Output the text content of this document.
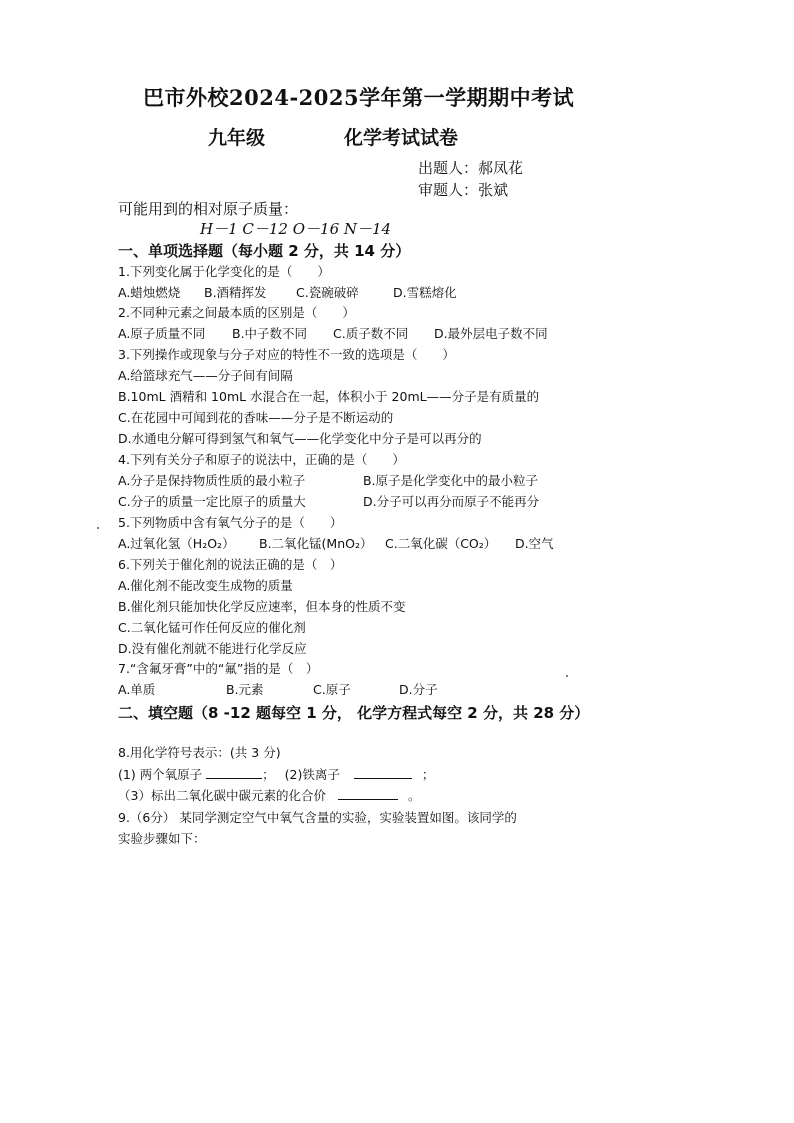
巴市外校2024-2025学年第一学期期中考试
九年级	化学考试试卷
出题人：郝凤花
审题人：张斌
可能用到的相对原子质量：
H－1 C－12 O－16 N－14
一、单项选择题（每小题 2 分，共 14 分）
1.下列变化属于化学变化的是（　　）
A.蜡烛燃烧 B.酒精挥发 C.瓷碗破碎	D.雪糕熔化
2.不同种元素之间最本质的区别是（　　）
A.原子质量不同 B.中子数不同 C.质子数不同 D.最外层电子数不同
3.下列操作或现象与分子对应的特性不一致的选项是（　　）
A.给篮球充气——分子间有间隔
B.10mL 酒精和 10mL 水混合在一起，体积小于 20mL——分子是有质量的
C.在花园中可闻到花的香味——分子是不断运动的
D.水通电分解可得到氢气和氧气——化学变化中分子是可以再分的
4.下列有关分子和原子的说法中，正确的是（　　）
A.分子是保持物质性质的最小粒子	B.原子是化学变化中的最小粒子
C.分子的质量一定比原子的质量大	D.分子可以再分而原子不能再分
5.下列物质中含有氧气分子的是（　　）
A.过氧化氢（H₂O₂） B.二氧化锰(MnO₂） C.二氧化碳（CO₂） D.空气
6.下列关于催化剂的说法正确的是（　）
A.催化剂不能改变生成物的质量
B.催化剂只能加快化学反应速率，但本身的性质不变
C.二氧化锰可作任何反应的催化剂
D.没有催化剂就不能进行化学反应
7.“含氟牙膏”中的“氟”指的是（　）
A.单质	B.元素	C.原子	D.分子
二、填空题（8 -12 题每空 1 分， 化学方程式每空 2 分，共 28 分）
8.用化学符号表示：(共 3 分)
(1) 两个氧原子	； (2)铁离子	；
（3）标出二氧化碳中碳元素的化合价	。
9.（6分） 某同学测定空气中氧气含量的实验，实验装置如图。该同学的
实验步骤如下：
